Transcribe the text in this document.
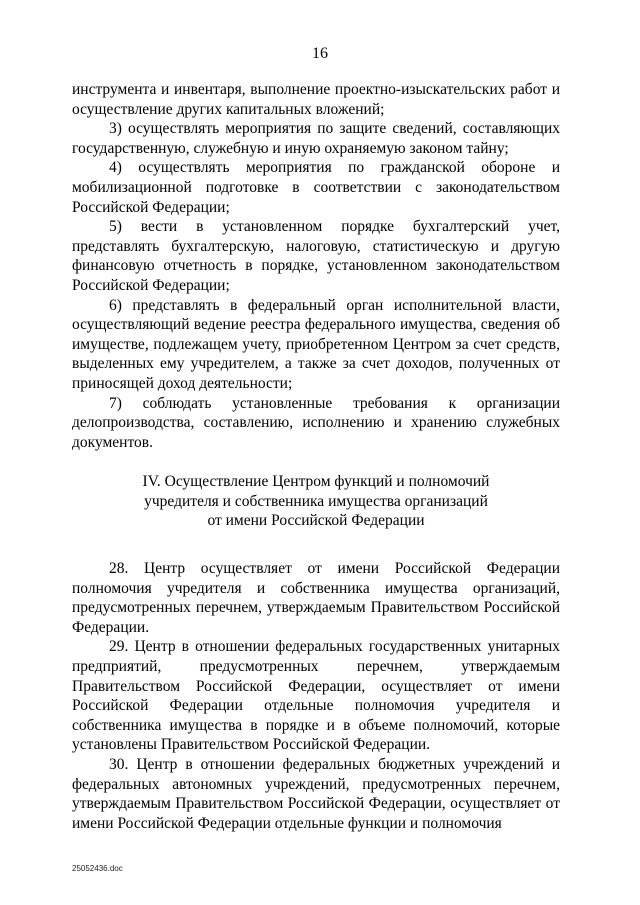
16

инструмента и инвентаря, выполнение проектно-изыскательских работ и осуществление других капитальных вложений;

3) осуществлять мероприятия по защите сведений, составляющих государственную, служебную и иную охраняемую законом тайну;

4) осуществлять мероприятия по гражданской обороне и мобилизационной подготовке в соответствии с законодательством Российской Федерации;

5) вести в установленном порядке бухгалтерский учет, представлять бухгалтерскую, налоговую, статистическую и другую финансовую отчетность в порядке, установленном законодательством Российской Федерации;

6) представлять в федеральный орган исполнительной власти, осуществляющий ведение реестра федерального имущества, сведения об имуществе, подлежащем учету, приобретенном Центром за счет средств, выделенных ему учредителем, а также за счет доходов, полученных от приносящей доход деятельности;

7) соблюдать установленные требования к организации делопроизводства, составлению, исполнению и хранению служебных документов.

IV. Осуществление Центром функций и полномочий
учредителя и собственника имущества организаций
от имени Российской Федерации

28. Центр осуществляет от имени Российской Федерации полномочия учредителя и собственника имущества организаций, предусмотренных перечнем, утверждаемым Правительством Российской Федерации.

29. Центр в отношении федеральных государственных унитарных предприятий, предусмотренных перечнем, утверждаемым Правительством Российской Федерации, осуществляет от имени Российской Федерации отдельные полномочия учредителя и собственника имущества в порядке и в объеме полномочий, которые установлены Правительством Российской Федерации.

30. Центр в отношении федеральных бюджетных учреждений и федеральных автономных учреждений, предусмотренных перечнем, утверждаемым Правительством Российской Федерации, осуществляет от имени Российской Федерации отдельные функции и полномочия

25052436.doc
